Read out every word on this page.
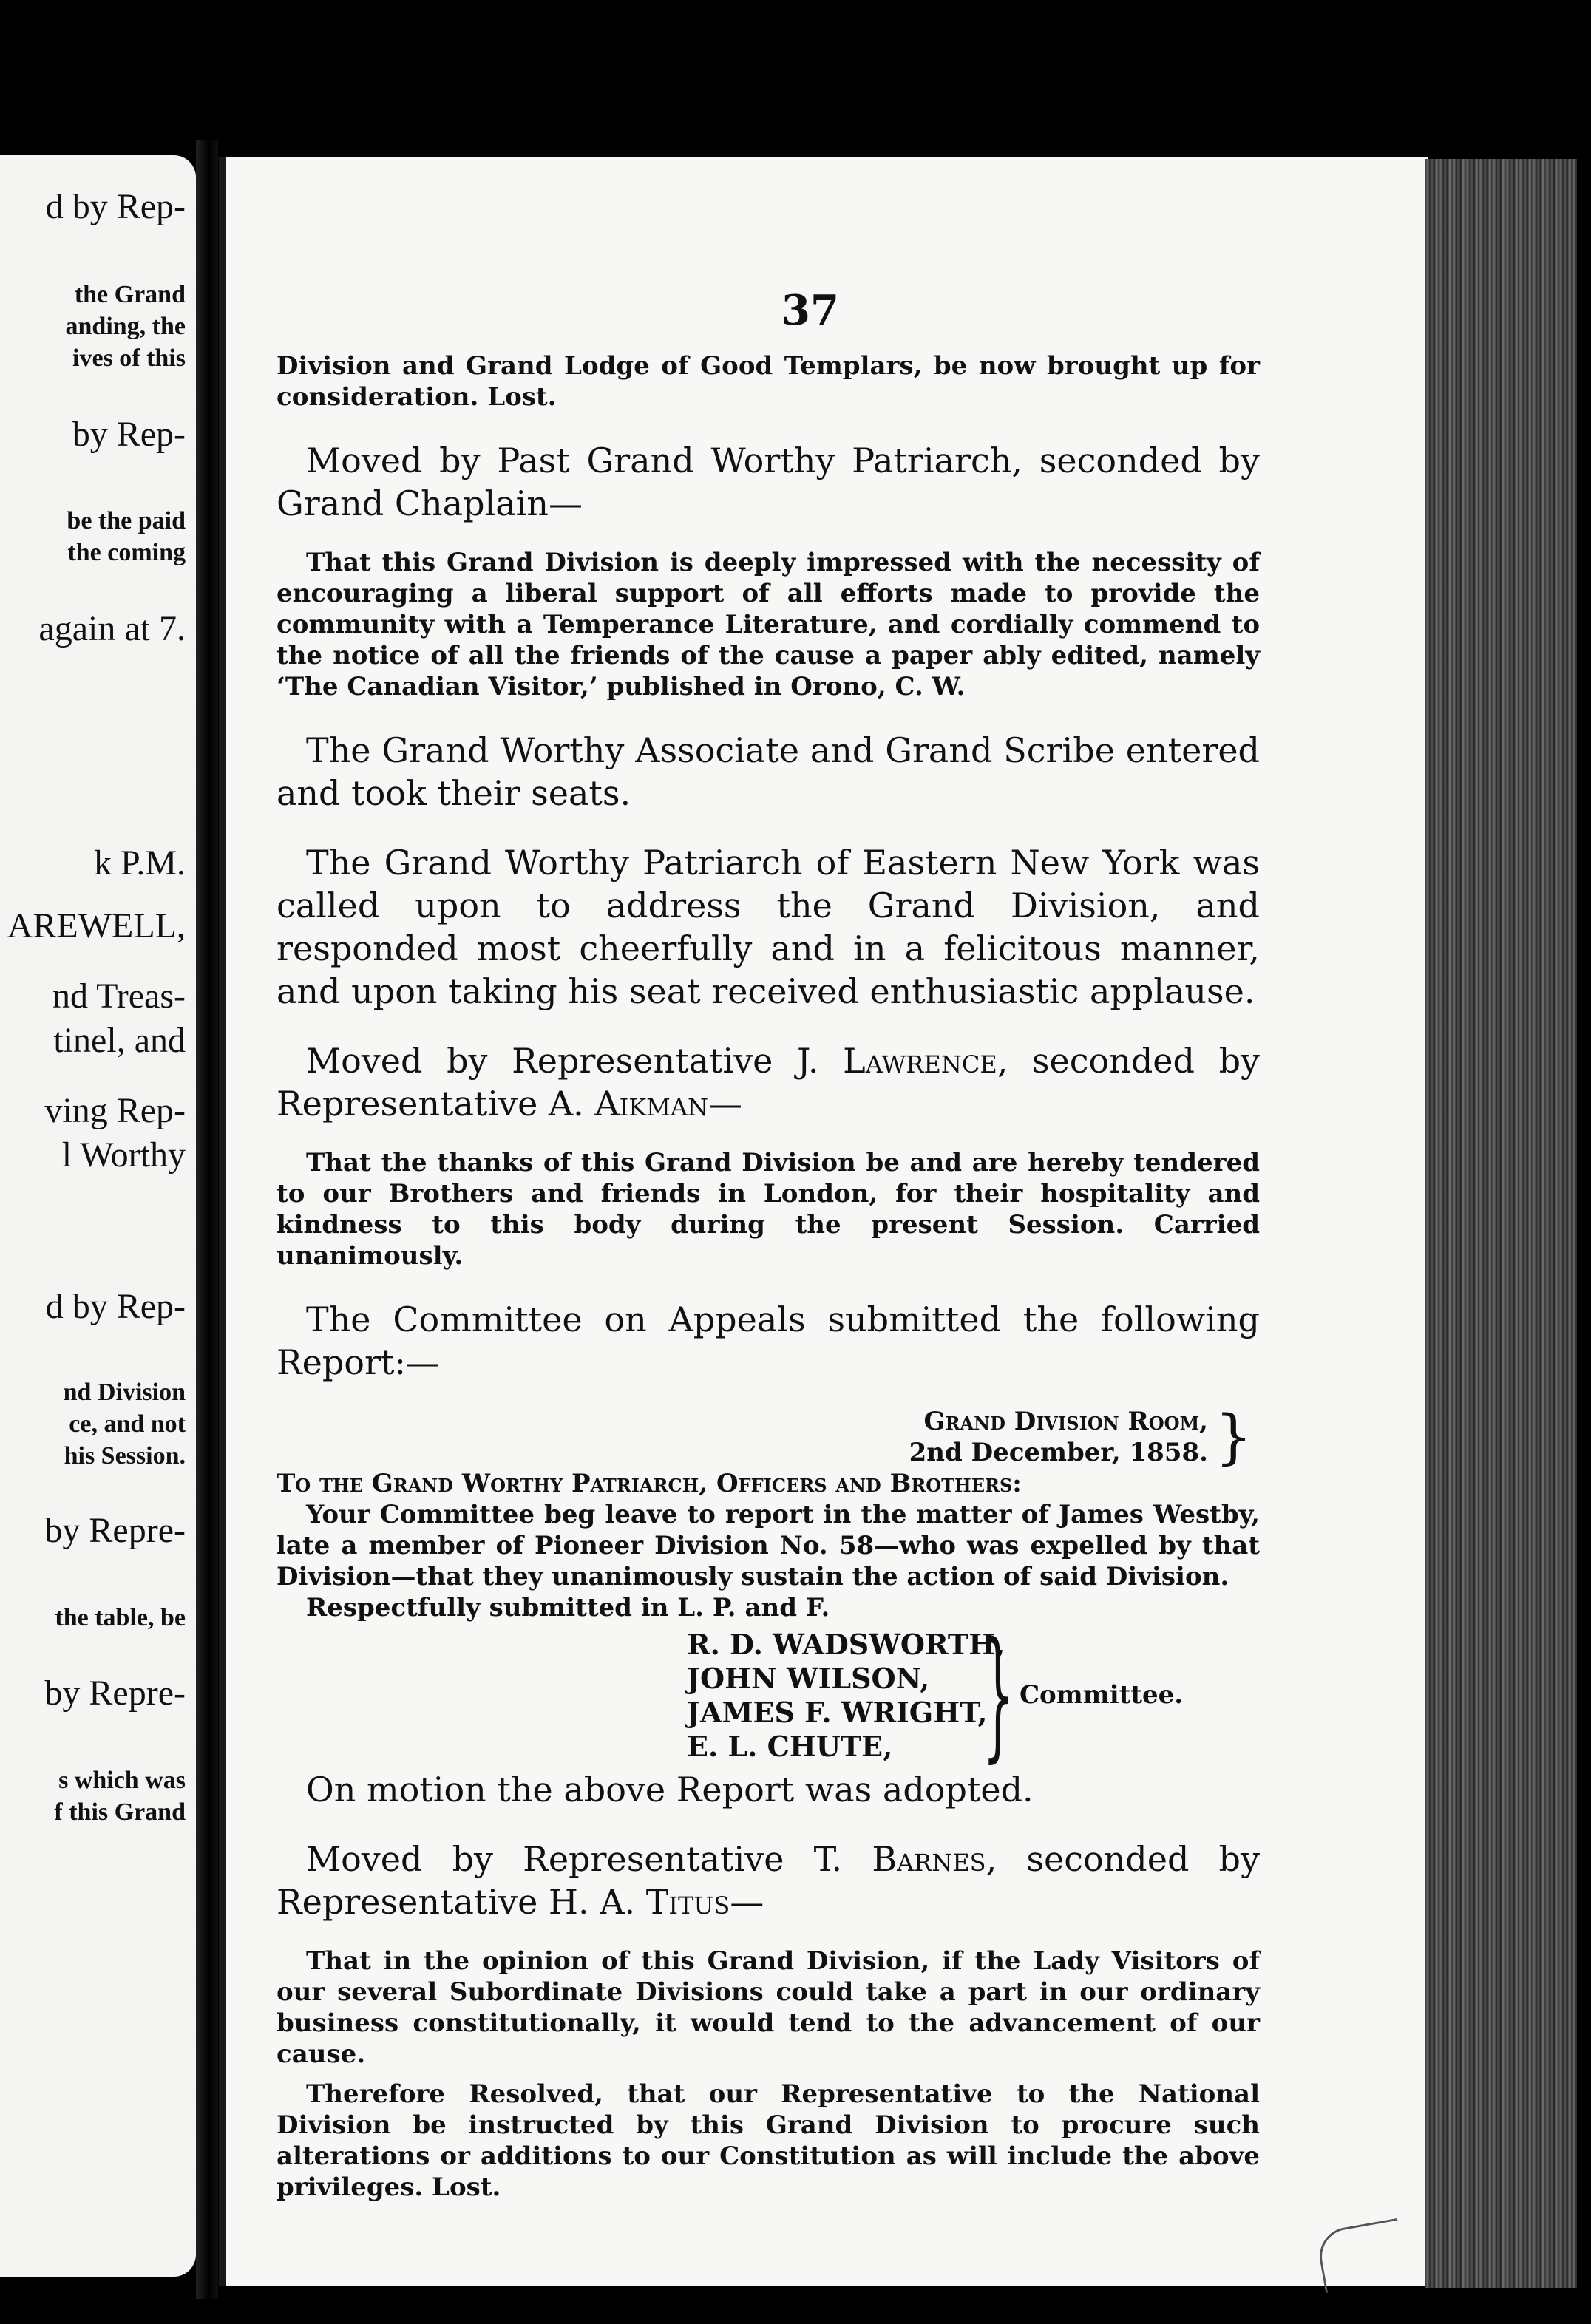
d by Rep-
the Grand
anding, the
ives of this
by Rep-
be the paid
the coming
again at 7.
k P.M.
AREWELL,
nd Treas-
tinel, and
ving Rep-
l Worthy
d by Rep-
nd Division
ce, and not
his Session.
by Repre-
the table, be
by Repre-
s which was
f this Grand
37

Division and Grand Lodge of Good Templars, be now brought up for consideration. Lost.

Moved by Past Grand Worthy Patriarch, seconded by Grand Chaplain—

That this Grand Division is deeply impressed with the necessity of encouraging a liberal support of all efforts made to provide the community with a Temperance Literature, and cordially commend to the notice of all the friends of the cause a paper ably edited, namely ‘The Canadian Visitor,’ published in Orono, C. W.

The Grand Worthy Associate and Grand Scribe entered and took their seats.

The Grand Worthy Patriarch of Eastern New York was called upon to address the Grand Division, and responded most cheerfully and in a felicitous manner, and upon taking his seat received enthusiastic applause.

Moved by Representative J. Lawrence, seconded by Representative A. Aikman—

That the thanks of this Grand Division be and are hereby tendered to our Brothers and friends in London, for their hospitality and kindness to this body during the present Session. Carried unanimously.

The Committee on Appeals submitted the following Report:—

Grand Division Room,
2nd December, 1858. }

To the Grand Worthy Patriarch, Officers and Brothers:

Your Committee beg leave to report in the matter of James Westby, late a member of Pioneer Division No. 58—who was expelled by that Division—that they unanimously sustain the action of said Division.

Respectfully submitted in L. P. and F.

R. D. WADSWORTH,
JOHN WILSON,
JAMES F. WRIGHT,
E. L. CHUTE, } Committee.

On motion the above Report was adopted.

Moved by Representative T. Barnes, seconded by Representative H. A. Titus—

That in the opinion of this Grand Division, if the Lady Visitors of our several Subordinate Divisions could take a part in our ordinary business constitutionally, it would tend to the advancement of our cause.

Therefore Resolved, that our Representative to the National Division be instructed by this Grand Division to procure such alterations or additions to our Constitution as will include the above privileges. Lost.
